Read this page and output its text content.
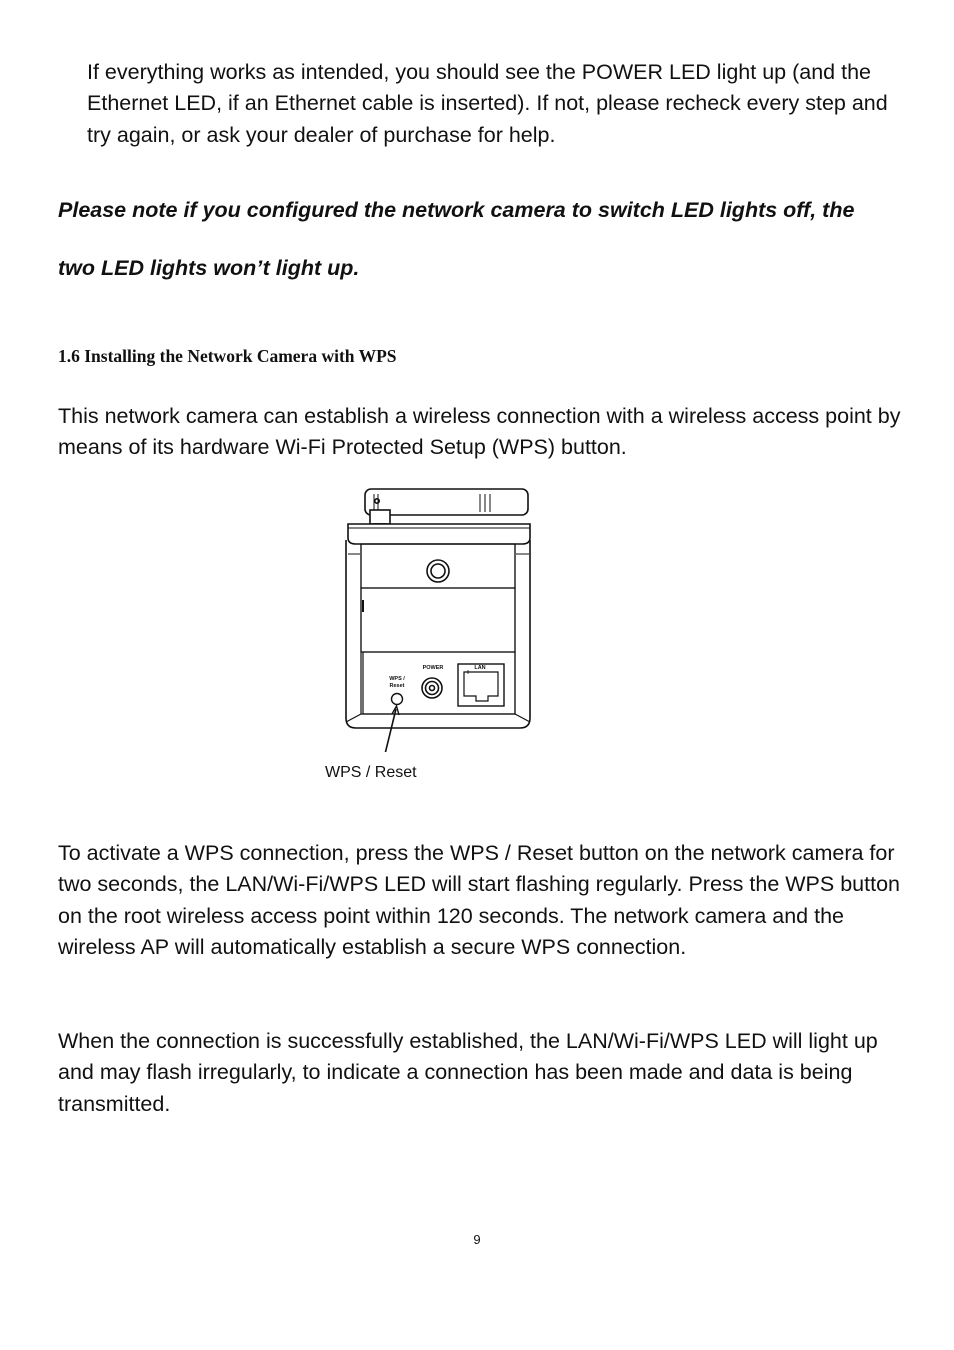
If everything works as intended, you should see the POWER LED light up (and the Ethernet LED, if an Ethernet cable is inserted). If not, please recheck every step and try again, or ask your dealer of purchase for help.

Please note if you configured the network camera to switch LED lights off, the

two LED lights won’t light up.

1.6 Installing the Network Camera with WPS

This network camera can establish a wireless connection with a wireless access point by means of its hardware Wi-Fi Protected Setup (WPS) button.

WPS /
Reset
POWER	LAN
WPS / Reset

To activate a WPS connection, press the WPS / Reset button on the network camera for two seconds, the LAN/Wi-Fi/WPS LED will start flashing regularly. Press the WPS button on the root wireless access point within 120 seconds. The network camera and the wireless AP will automatically establish a secure WPS connection.

When the connection is successfully established, the LAN/Wi-Fi/WPS LED will light up and may flash irregularly, to indicate a connection has been made and data is being transmitted.

9
